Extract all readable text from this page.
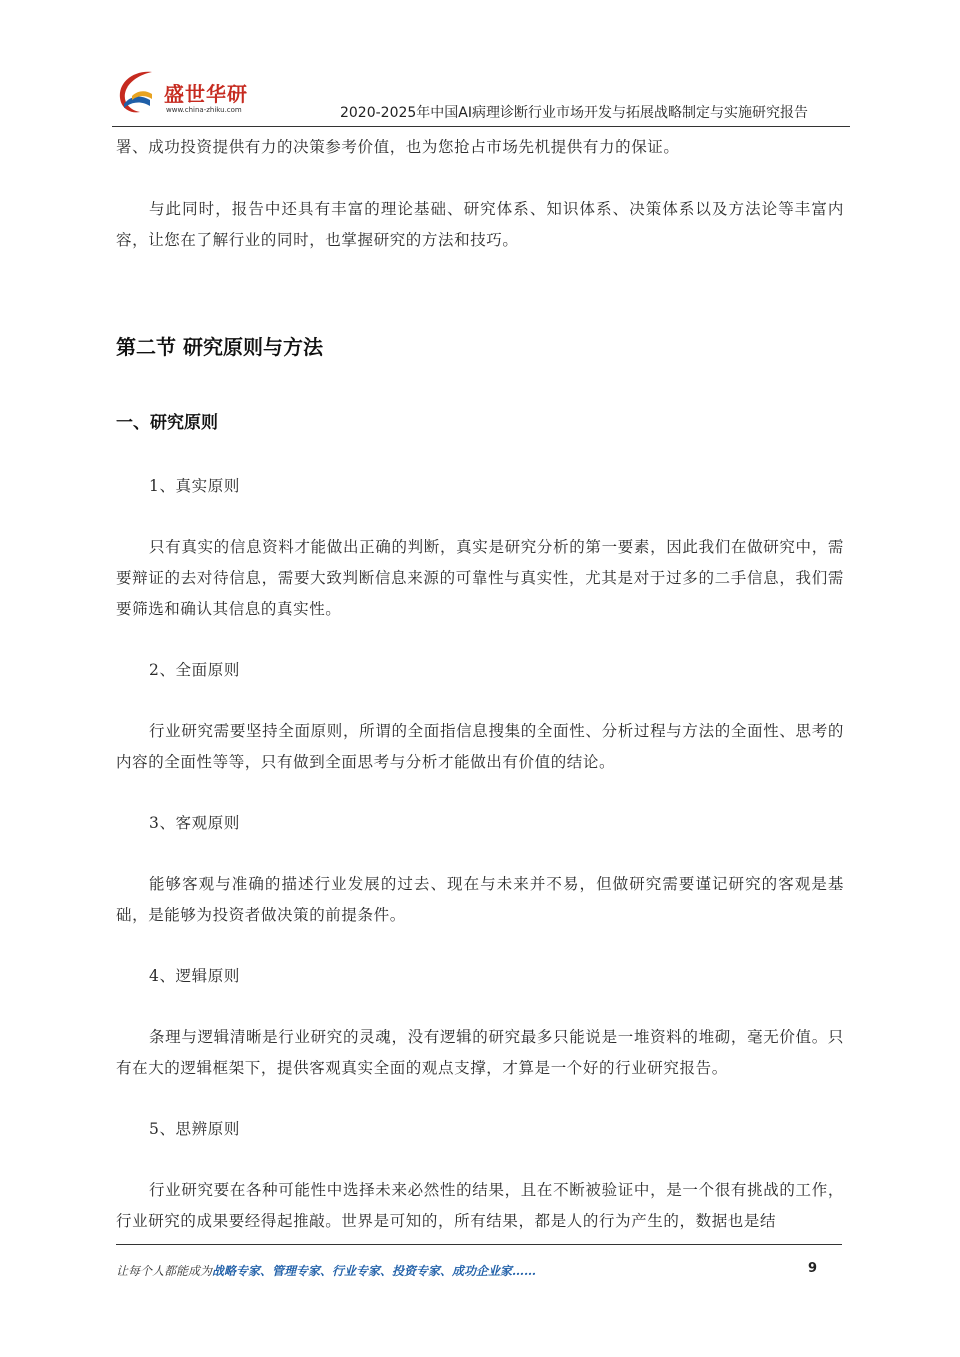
盛世华研
www.china-zhiku.com	2020-2025年中国AI病理诊断行业市场开发与拓展战略制定与实施研究报告

署、成功投资提供有力的决策参考价值，也为您抢占市场先机提供有力的保证。

与此同时，报告中还具有丰富的理论基础、研究体系、知识体系、决策体系以及方法论等丰富内容，让您在了解行业的同时，也掌握研究的方法和技巧。

第二节 研究原则与方法
一、研究原则
1、真实原则

只有真实的信息资料才能做出正确的判断，真实是研究分析的第一要素，因此我们在做研究中，需要辩证的去对待信息，需要大致判断信息来源的可靠性与真实性，尤其是对于过多的二手信息，我们需要筛选和确认其信息的真实性。

2、全面原则

行业研究需要坚持全面原则，所谓的全面指信息搜集的全面性、分析过程与方法的全面性、思考的内容的全面性等等，只有做到全面思考与分析才能做出有价值的结论。

3、客观原则

能够客观与准确的描述行业发展的过去、现在与未来并不易，但做研究需要谨记研究的客观是基础，是能够为投资者做决策的前提条件。

4、逻辑原则

条理与逻辑清晰是行业研究的灵魂，没有逻辑的研究最多只能说是一堆资料的堆砌，毫无价值。只有在大的逻辑框架下，提供客观真实全面的观点支撑，才算是一个好的行业研究报告。

5、思辨原则

行业研究要在各种可能性中选择未来必然性的结果，且在不断被验证中，是一个很有挑战的工作，行业研究的成果要经得起推敲。世界是可知的，所有结果，都是人的行为产生的，数据也是结

让每个人都能成为战略专家、管理专家、行业专家、投资专家、成功企业家……	9
